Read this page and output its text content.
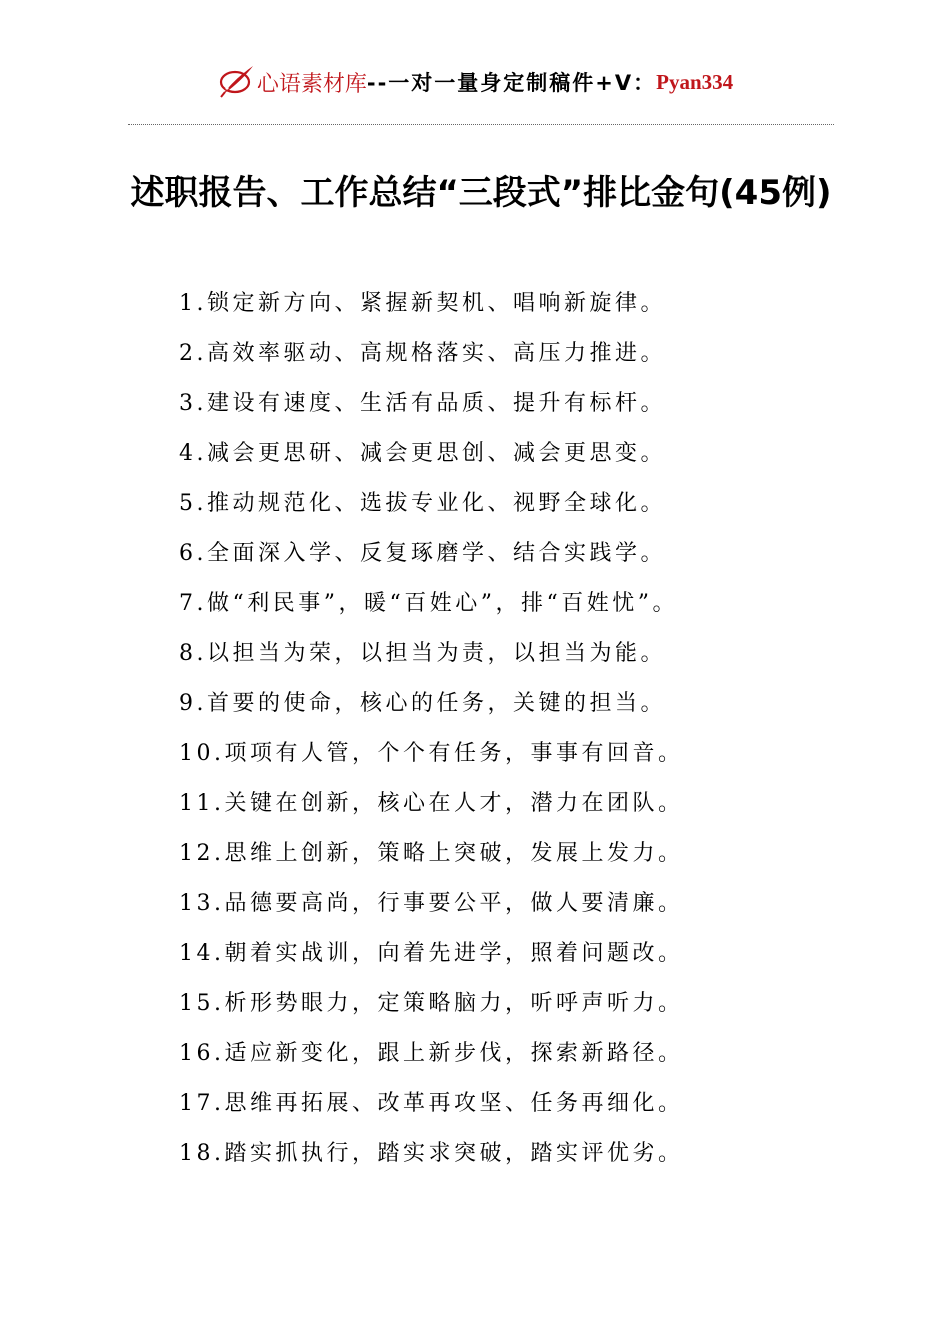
心语素材库 --一对一量身定制稿件+V： Pyan334
述职报告、工作总结“三段式”排比金句(45例)
1.锁定新方向、紧握新契机、唱响新旋律。
2.高效率驱动、高规格落实、高压力推进。
3.建设有速度、生活有品质、提升有标杆。
4.减会更思研、减会更思创、减会更思变。
5.推动规范化、选拔专业化、视野全球化。
6.全面深入学、反复琢磨学、结合实践学。
7.做“利民事”，暖“百姓心”，排“百姓忧”。
8.以担当为荣，以担当为责，以担当为能。
9.首要的使命，核心的任务，关键的担当。
10.项项有人管，个个有任务，事事有回音。
11.关键在创新，核心在人才，潜力在团队。
12.思维上创新，策略上突破，发展上发力。
13.品德要高尚，行事要公平，做人要清廉。
14.朝着实战训，向着先进学，照着问题改。
15.析形势眼力，定策略脑力，听呼声听力。
16.适应新变化，跟上新步伐，探索新路径。
17.思维再拓展、改革再攻坚、任务再细化。
18.踏实抓执行，踏实求突破，踏实评优劣。
